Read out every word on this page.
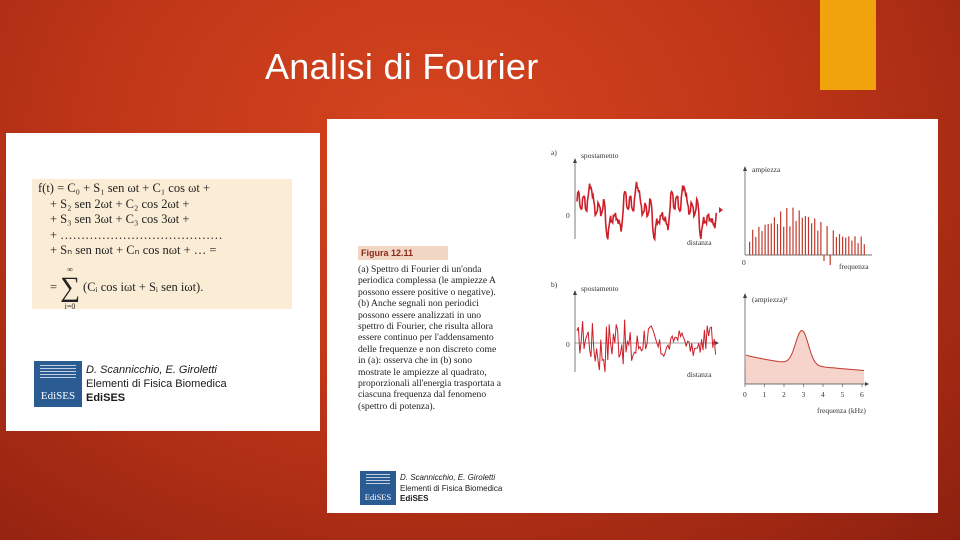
Analisi di Fourier
f(t) = C₀ + S₁ sen ωt + C₁ cos ωt +
+ S₂ sen 2ωt + C₂ cos 2ωt +
+ S₃ sen 3ωt + C₃ cos 3ωt +
+ …………………………………
+ Sₙ sen nωt + Cₙ cos nωt + … =
=
∞
∑
i=0
(Cᵢ cos iωt + Sᵢ sen iωt).
EdiSES
D. Scannicchio, E. Giroletti
Elementi di Fisica Biomedica
EdiSES
Figura 12.11
(a) Spettro di Fourier di un'onda periodica complessa (le ampiezze A possono essere positive o negative). (b) Anche segnali non periodici possono essere analizzati in uno spettro di Fourier, che risulta allora essere continuo per l'addensamento delle frequenze e non discreto come in (a): osserva che in (b) sono mostrate le ampiezze al quadrato, proporzionali all'energia trasportata a ciascuna frequenza dal fenomeno (spettro di potenza).
a)	spostamento
0
distanza
ampiezza
0	frequenza
b)	spostamento
0
distanza
(ampiezza)²
0 1 2 3 4 5 6
frequenza (kHz)
EdiSES
D. Scannicchio, E. Giroletti
Elementi di Fisica Biomedica
EdiSES
